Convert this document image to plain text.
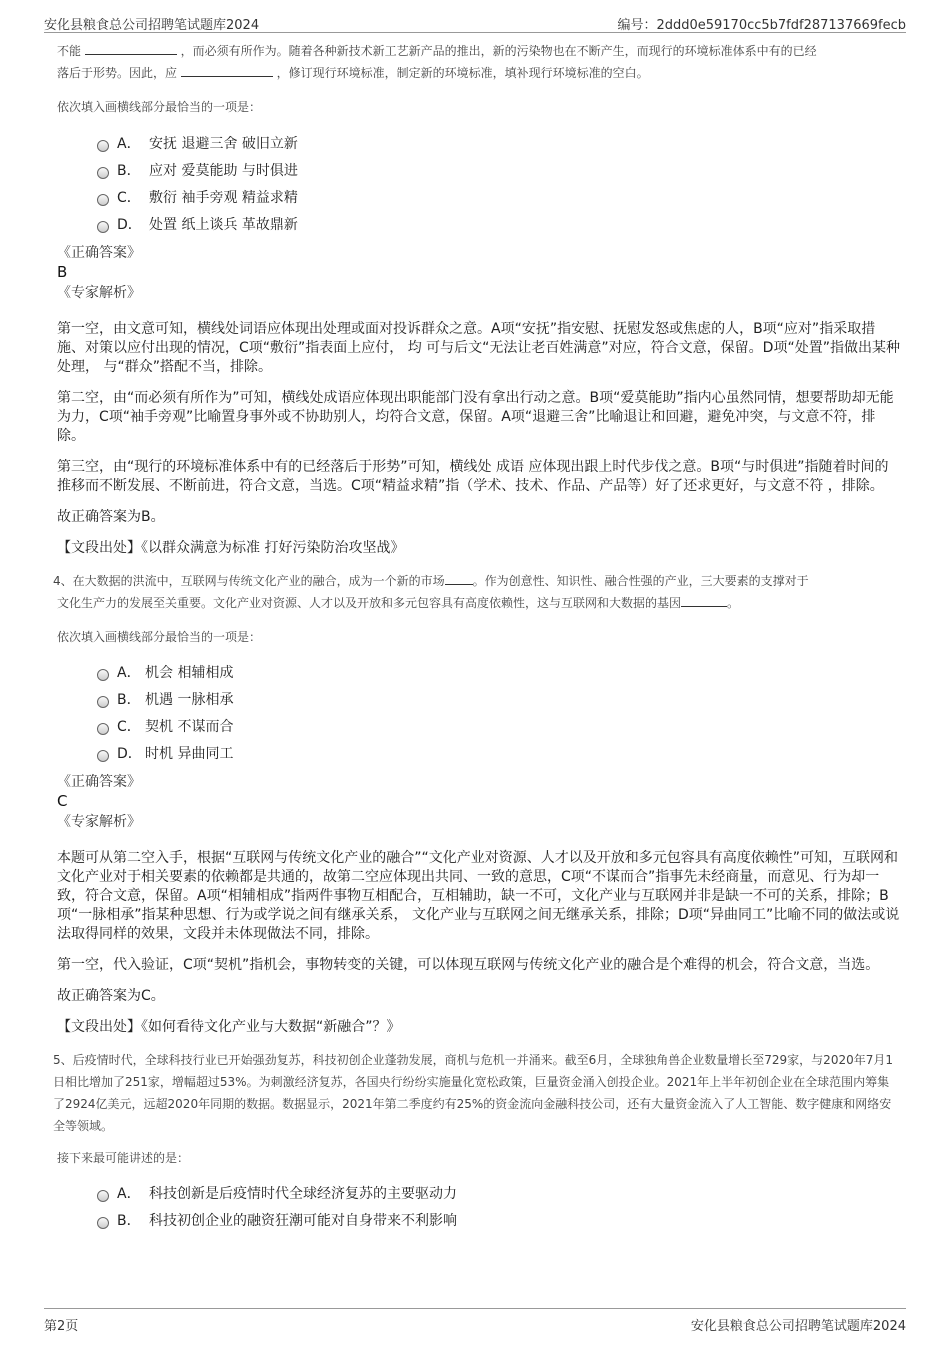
安化县粮食总公司招聘笔试题库2024	编号：2ddd0e59170cc5b7fdf287137669fecb
不能	，而必须有所作为。随着各种新技术新工艺新产品的推出，新的污染物也在不断产生，而现行的环境标准体系中有的已经
落后于形势。因此，应	，修订现行环境标准，制定新的环境标准，填补现行环境标准的空白。
依次填入画横线部分最恰当的一项是：
A． 安抚 退避三舍 破旧立新
B． 应对 爱莫能助 与时俱进
C． 敷衍 袖手旁观 精益求精
D． 处置 纸上谈兵 革故鼎新
《正确答案》
B
《专家解析》
第一空，由文意可知，横线处词语应体现出处理或面对投诉群众之意。A项“安抚”指安慰、抚慰发怒或焦虑的人，B项“应对”指采取措施、对策以应付出现的情况，C项“敷衍”指表面上应付， 均 可与后文“无法让老百姓满意”对应，符合文意，保留。D项“处置”指做出某种处理， 与“群众”搭配不当，排除。
第二空，由“而必须有所作为”可知，横线处成语应体现出职能部门没有拿出行动之意。B项“爱莫能助”指内心虽然同情，想要帮助却无能为力，C项“袖手旁观”比喻置身事外或不协助别人，均符合文意，保留。A项“退避三舍”比喻退让和回避，避免冲突，与文意不符，排除。
第三空，由“现行的环境标准体系中有的已经落后于形势”可知，横线处 成语 应体现出跟上时代步伐之意。B项“与时俱进”指随着时间的推移而不断发展、不断前进，符合文意，当选。C项“精益求精”指（学术、技术、作品、产品等）好了还求更好，与文意不符 ，排除。
故正确答案为B。
【文段出处】《以群众满意为标准 打好污染防治攻坚战》
4、在大数据的洪流中，互联网与传统文化产业的融合，成为一个新的市场 。作为创意性、知识性、融合性强的产业，三大要素的支撑对于
文化生产力的发展至关重要。文化产业对资源、人才以及开放和多元包容具有高度依赖性，这与互联网和大数据的基因	。
依次填入画横线部分最恰当的一项是：
A． 机会 相辅相成
B． 机遇 一脉相承
C． 契机 不谋而合
D． 时机 异曲同工
《正确答案》
C
《专家解析》
本题可从第二空入手，根据“互联网与传统文化产业的融合”“文化产业对资源、人才以及开放和多元包容具有高度依赖性”可知，互联网和文化产业对于相关要素的依赖都是共通的，故第二空应体现出共同、一致的意思，C项“不谋而合”指事先未经商量，而意见、行为却一致，符合文意，保留。A项“相辅相成”指两件事物互相配合，互相辅助，缺一不可，文化产业与互联网并非是缺一不可的关系，排除；B项“一脉相承”指某种思想、行为或学说之间有继承关系， 文化产业与互联网之间无继承关系，排除；D项“异曲同工”比喻不同的做法或说法取得同样的效果，文段并未体现做法不同，排除。
第一空，代入验证，C项“契机”指机会，事物转变的关键，可以体现互联网与传统文化产业的融合是个难得的机会，符合文意，当选。
故正确答案为C。
【文段出处】《如何看待文化产业与大数据“新融合”？》
5、后疫情时代，全球科技行业已开始强劲复苏，科技初创企业蓬勃发展，商机与危机一并涌来。截至6月，全球独角兽企业数量增长至729家，与2020年7月1日相比增加了251家，增幅超过53%。为刺激经济复苏，各国央行纷纷实施量化宽松政策，巨量资金涌入创投企业。2021年上半年初创企业在全球范围内筹集了2924亿美元，远超2020年同期的数据。数据显示，2021年第二季度约有25%的资金流向金融科技公司，还有大量资金流入了人工智能、数字健康和网络安全等领域。
接下来最可能讲述的是：
A． 科技创新是后疫情时代全球经济复苏的主要驱动力
B． 科技初创企业的融资狂潮可能对自身带来不利影响
第2页	安化县粮食总公司招聘笔试题库2024
